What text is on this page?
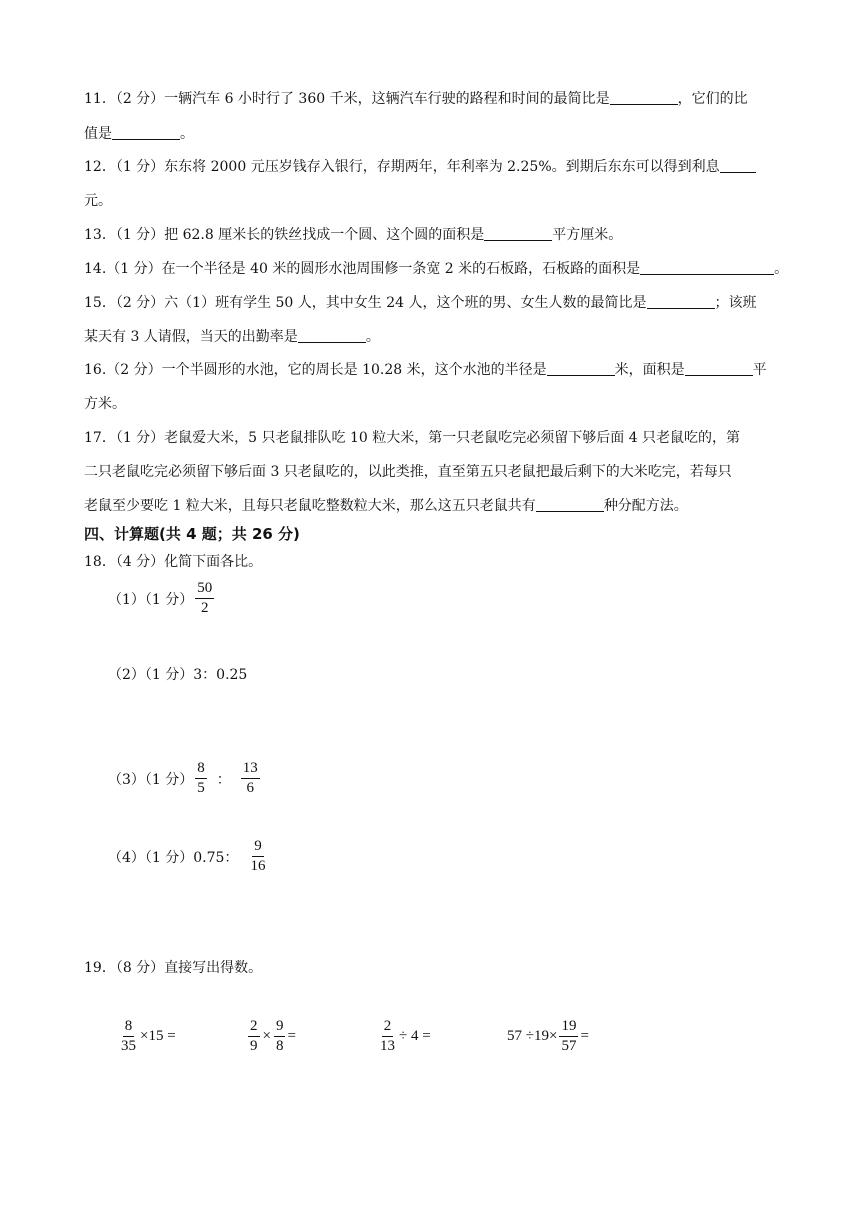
11．（2 分）一辆汽车 6 小时行了 360 千米，这辆汽车行驶的路程和时间的最简比是	，它们的比
值是	。
12．（1 分）东东将 2000 元压岁钱存入银行，存期两年，年利率为 2.25%。到期后东东可以得到利息
元。
13．（1 分）把 62.8 厘米长的铁丝找成一个圆、这个圆的面积是	平方厘米。
14.（1 分）在一个半径是 40 米的圆形水池周围修一条宽 2 米的石板路，石板路的面积是	。
15．（2 分）六（1）班有学生 50 人，其中女生 24 人，这个班的男、女生人数的最简比是	；该班
某天有 3 人请假，当天的出勤率是	。
16.（2 分）一个半圆形的水池，它的周长是 10.28 米，这个水池的半径是	米，面积是	平
方米。
17．（1 分）老鼠爱大米，5 只老鼠排队吃 10 粒大米，第一只老鼠吃完必须留下够后面 4 只老鼠吃的，第
二只老鼠吃完必须留下够后面 3 只老鼠吃的，以此类推，直至第五只老鼠把最后剩下的大米吃完，若每只
老鼠至少要吃 1 粒大米，且每只老鼠吃整数粒大米，那么这五只老鼠共有	种分配方法。
四、计算题(共 4 题；共 26 分)
18．（4 分）化简下面各比。
（1）（1 分） $\frac{50}{2}$
（2）（1 分）3：0.25
（3）（1 分） $\frac{8}{5}$ ： $\frac{13}{6}$
（4）（1 分）0.75： $\frac{9}{16}$
19．（8 分）直接写出得数。
$\frac{8}{35} \times 15$ =	$\frac{2}{9} \times \frac{9}{8}$ =	$\frac{2}{13} \div 4$ =	$57 \div 19\times \frac{19}{57}$ =
